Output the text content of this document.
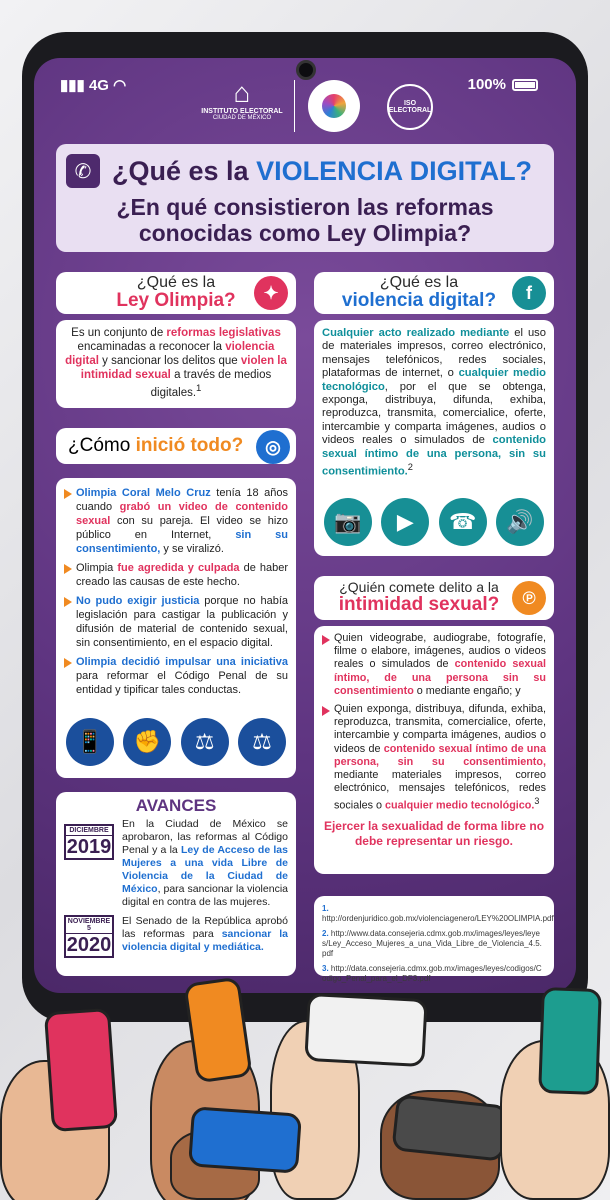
▮▮▮ 4G ◠	100%
⌂
INSTITUTO ELECTORAL
CIUDAD DE MÉXICO
ISO ELECTORAL
✆ ¿Qué es la VIOLENCIA DIGITAL?
¿En qué consistieron las reformas
conocidas como Ley Olimpia?
¿Qué es la
Ley Olimpia?	✦
Es un conjunto de reformas legislativas encaminadas a reconocer la violencia digital y sancionar los delitos que violen la intimidad sexual a través de medios digitales.$^1$
¿Cómo inició todo?	◎
Olimpia Coral Melo Cruz tenía 18 años cuando grabó un video de contenido sexual con su pareja. El video se hizo público en Internet, sin su consentimiento, y se viralizó.
Olimpia fue agredida y culpada de haber creado las causas de este hecho.
No pudo exigir justicia porque no había legislación para castigar la publicación y difusión de material de contenido sexual, sin consentimiento, en el espacio digital.
Olimpia decidió impulsar una iniciativa para reformar el Código Penal de su entidad y tipificar tales conductas.
📱	✊	⚖	⚖
¿Qué es la
violencia digital?	f
Cualquier acto realizado mediante el uso de materiales impresos, correo electrónico, mensajes telefónicos, redes sociales, plataformas de internet, o cualquier medio tecnológico, por el que se obtenga, exponga, distribuya, difunda, exhiba, reproduzca, transmita, comercialice, oferte, intercambie y comparta imágenes, audios o videos reales o simulados de contenido sexual íntimo de una persona, sin su consentimiento.$^2$
📷	▶	☎	🔊
¿Quién comete delito a la
intimidad sexual?	℗
Quien videograbe, audiograbe, fotografíe, filme o elabore, imágenes, audios o videos reales o simulados de contenido sexual íntimo, de una persona sin su consentimiento o mediante engaño; y
Quien exponga, distribuya, difunda, exhiba, reproduzca, transmita, comercialice, oferte, intercambie y comparta imágenes, audios o videos de contenido sexual íntimo de una persona, sin su consentimiento, mediante materiales impresos, correo electrónico, mensajes telefónicos, redes sociales o cualquier medio tecnológico.$^3$
Ejercer la sexualidad de forma libre no debe representar un riesgo.
AVANCES
DICIEMBRE
2019
En la Ciudad de México se aprobaron, las reformas al Código Penal y a la Ley de Acceso de las Mujeres a una vida Libre de Violencia de la Ciudad de México, para sancionar la violencia digital en contra de las mujeres.
NOVIEMBRE 5
2020
El Senado de la República aprobó las reformas para sancionar la violencia digital y mediática.
1. http://ordenjuridico.gob.mx/violenciagenero/LEY%20OLIMPIA.pdf
2. http://www.data.consejeria.cdmx.gob.mx/images/leyes/leyes/Ley_Acceso_Mujeres_a_una_Vida_Libre_de_Violencia_4.5.pdf
3. http://data.consejeria.cdmx.gob.mx/images/leyes/codigos/Codigo_Penal_para_el_DF3.pdf
